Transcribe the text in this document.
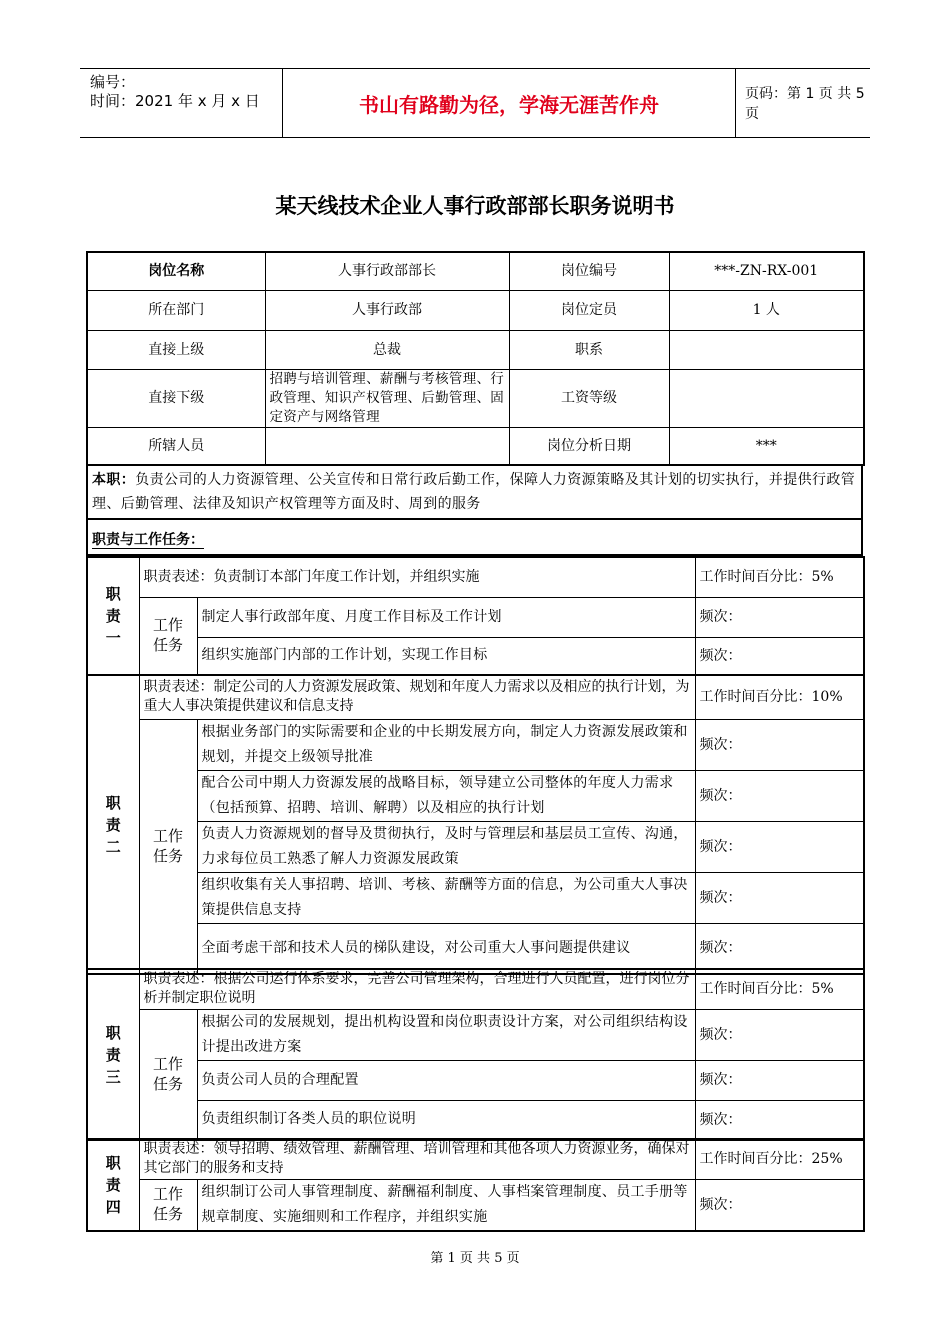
编号：
时间：2021 年 x 月 x 日	书山有路勤为径，学海无涯苦作舟	页码：第 1 页 共 5 页
某天线技术企业人事行政部部长职务说明书
岗位名称	人事行政部部长	岗位编号	***-ZN-RX-001
所在部门	人事行政部	岗位定员	1 人
直接上级	总裁	职系	
直接下级	招聘与培训管理、薪酬与考核管理、行政管理、知识产权管理、后勤管理、固定资产与网络管理	工资等级	
所辖人员		岗位分析日期	***
本职：负责公司的人力资源管理、公关宣传和日常行政后勤工作，保障人力资源策略及其计划的切实执行，并提供行政管理、后勤管理、法律及知识产权管理等方面及时、周到的服务
职责与工作任务：
职责一	职责表述：负责制订本部门年度工作计划，并组织实施		工作时间百分比：5%
	工作任务	制定人事行政部年度、月度工作目标及工作计划	频次：
		组织实施部门内部的工作计划，实现工作目标	频次：
职责二	职责表述：制定公司的人力资源发展政策、规划和年度人力需求以及相应的执行计划，为重大人事决策提供建议和信息支持		工作时间百分比：10%
	工作任务	根据业务部门的实际需要和企业的中长期发展方向，制定人力资源发展政策和规划，并提交上级领导批准	频次：
		配合公司中期人力资源发展的战略目标，领导建立公司整体的年度人力需求（包括预算、招聘、培训、解聘）以及相应的执行计划	频次：
		负责人力资源规划的督导及贯彻执行，及时与管理层和基层员工宣传、沟通，力求每位员工熟悉了解人力资源发展政策	频次：
		组织收集有关人事招聘、培训、考核、薪酬等方面的信息，为公司重大人事决策提供信息支持	频次：
		全面考虑干部和技术人员的梯队建设，对公司重大人事问题提供建议	频次：
职责三	职责表述：根据公司运行体系要求，完善公司管理架构，合理进行人员配置，进行岗位分析并制定职位说明		工作时间百分比：5%
	工作任务	根据公司的发展规划，提出机构设置和岗位职责设计方案，对公司组织结构设计提出改进方案	频次：
		负责公司人员的合理配置	频次：
		负责组织制订各类人员的职位说明	频次：
职责四	职责表述：领导招聘、绩效管理、薪酬管理、培训管理和其他各项人力资源业务，确保对其它部门的服务和支持		工作时间百分比：25%
	工作任务	组织制订公司人事管理制度、薪酬福利制度、人事档案管理制度、员工手册等规章制度、实施细则和工作程序，并组织实施	频次：
第 1 页 共 5 页
